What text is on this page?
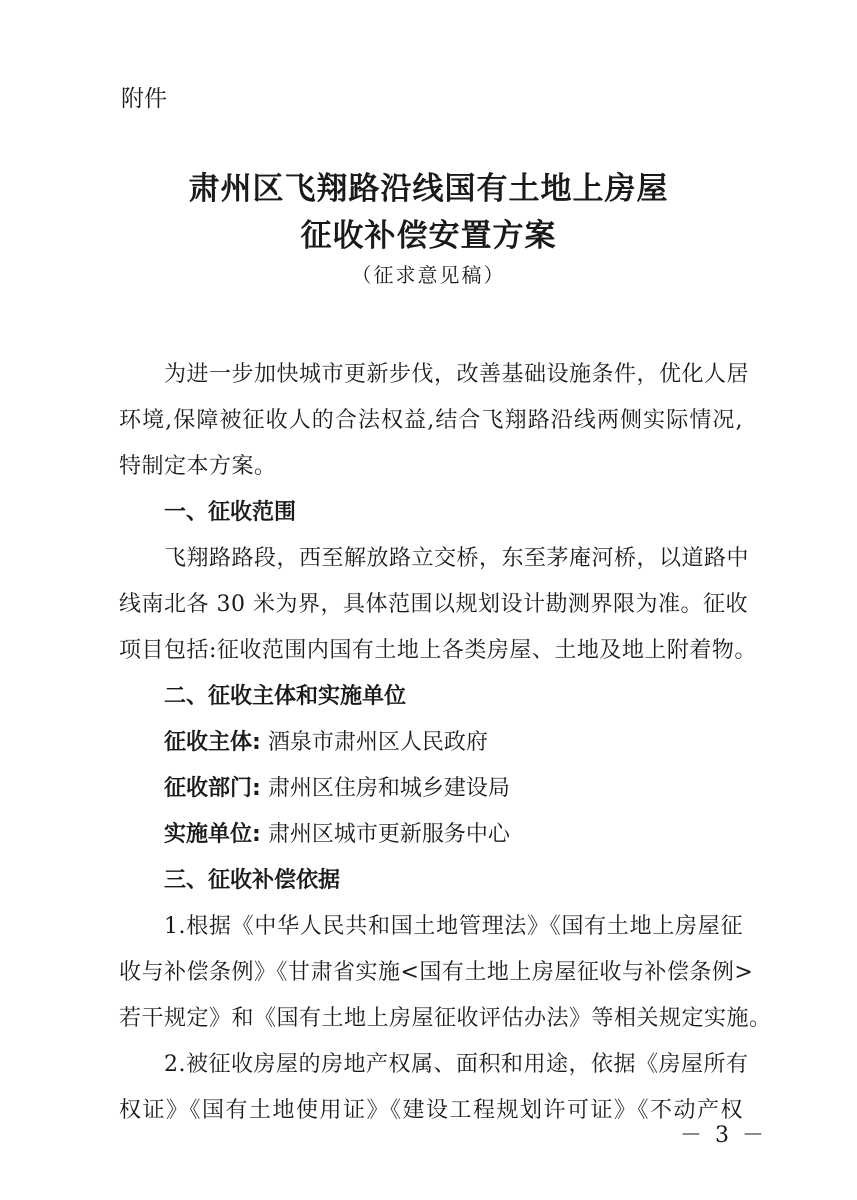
附件
肃州区飞翔路沿线国有土地上房屋
征收补偿安置方案
（征求意见稿）
为进一步加快城市更新步伐，改善基础设施条件，优化人居
环境,保障被征收人的合法权益,结合飞翔路沿线两侧实际情况,
特制定本方案。
一、征收范围
飞翔路路段，西至解放路立交桥，东至茅庵河桥，以道路中
线南北各 30 米为界，具体范围以规划设计勘测界限为准。征收
项目包括:征收范围内国有土地上各类房屋、土地及地上附着物。
二、征收主体和实施单位
征收主体: 酒泉市肃州区人民政府
征收部门: 肃州区住房和城乡建设局
实施单位: 肃州区城市更新服务中心
三、征收补偿依据
1.根据《中华人民共和国土地管理法》《国有土地上房屋征
收与补偿条例》《甘肃省实施<国有土地上房屋征收与补偿条例>
若干规定》和《国有土地上房屋征收评估办法》等相关规定实施。
2.被征收房屋的房地产权属、面积和用途，依据《房屋所有
权证》《国有土地使用证》《建设工程规划许可证》《不动产权
－ 3 －
